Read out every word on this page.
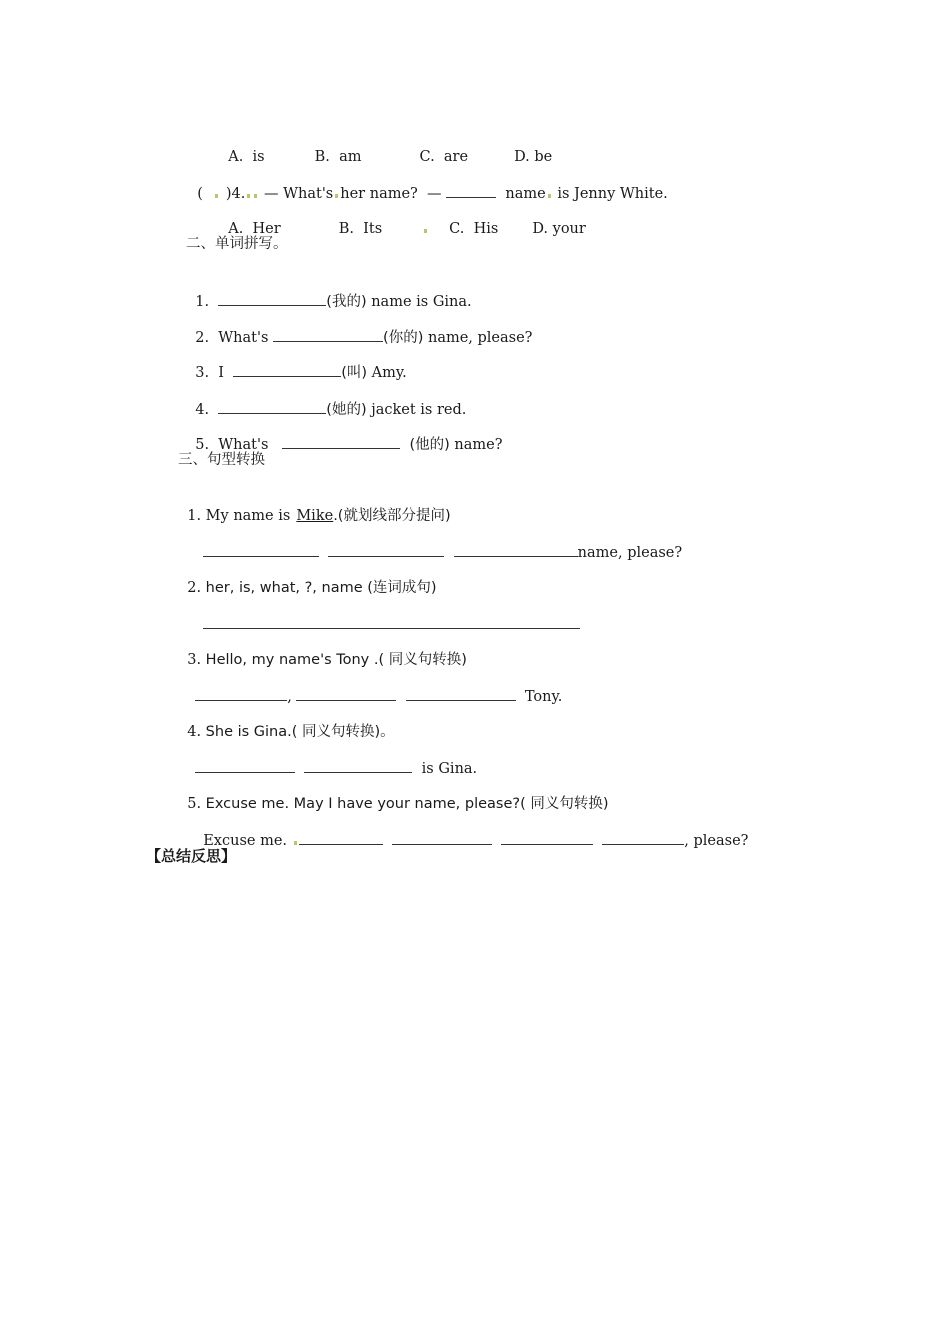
A.  is	B.  am	C.  are	D. be

( )4. — What's her name? —	name is Jenny White.

A.  Her	B.  Its	C.  His D. your

二、单词拼写。

1.	(我的) name is Gina.

2. What's	(你的) name, please?

3. I	(叫) Amy.

4.	(她的) jacket is red.

5. What's	(他的) name?

三、句型转换

1. My name is Mike.(就划线部分提问)

name, please?

2. her, is, what, ?, name (连词成句)

3. Hello, my name's Tony .( 同义句转换)

,	Tony.

4. She is Gina.( 同义句转换)。

is Gina.

5. Excuse me. May I have your name, please?( 同义句转换)

Excuse me.	, please?

【总结反思】
